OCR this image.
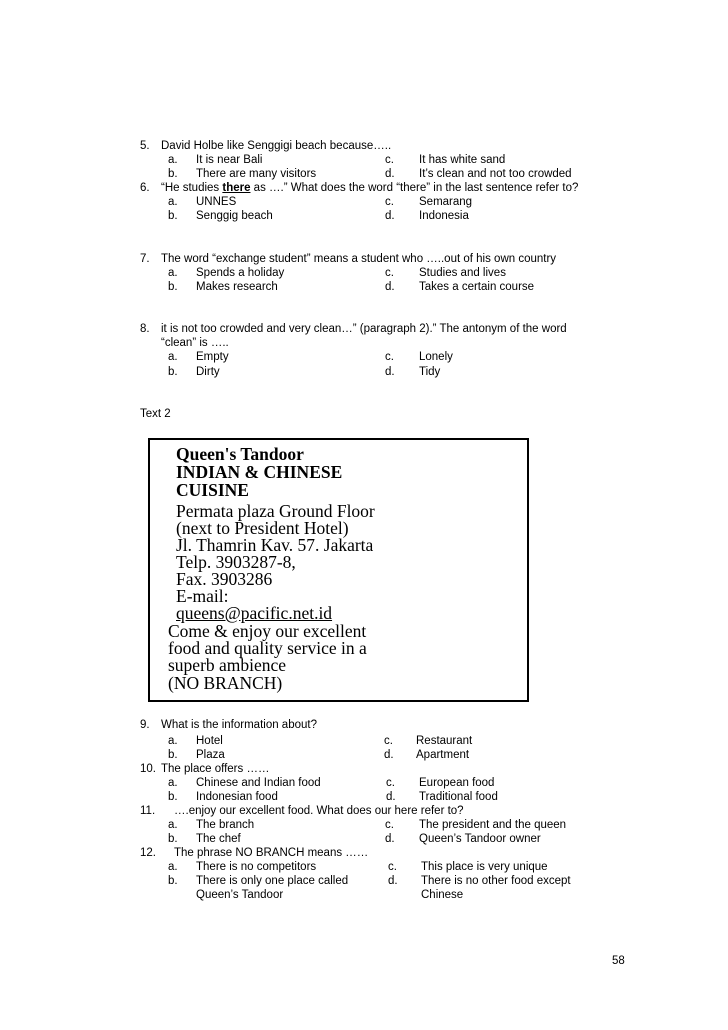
5. David Holbe like Senggigi beach because…..
a. It is near Bali	c. It has white sand
b. There are many visitors	d. It’s clean and not too crowded
6. “He studies there as ….” What does the word “there” in the last sentence refer to?
a. UNNES	c. Semarang
b. Senggig beach	d. Indonesia
7. The word “exchange student” means a student who …..out of his own country
a. Spends a holiday	c. Studies and lives
b. Makes research	d. Takes a certain course
8. it is not too crowded and very clean…” (paragraph 2).” The antonym of the word
“clean” is …..
a. Empty	c. Lonely
b. Dirty	d. Tidy
Text 2
Queen's Tandoor
INDIAN & CHINESE
CUISINE
Permata plaza Ground Floor
(next to President Hotel)
Jl. Thamrin Kav. 57. Jakarta
Telp. 3903287-8,
Fax. 3903286
E-mail:
queens@pacific.net.id
Come & enjoy our excellent
food and quality service in a
superb ambience
(NO BRANCH)
9. What is the information about?
a. Hotel	c. Restaurant
b. Plaza	d. Apartment
10. The place offers ……
a. Chinese and Indian food	c. European food
b. Indonesian food	d. Traditional food
11. ….enjoy our excellent food. What does our here refer to?
a. The branch	c. The president and the queen
b. The chef	d. Queen’s Tandoor owner
12. The phrase NO BRANCH means ……
a. There is no competitors	c. This place is very unique
b. There is only one place called	d. There is no other food except
Queen’s Tandoor	Chinese
58
